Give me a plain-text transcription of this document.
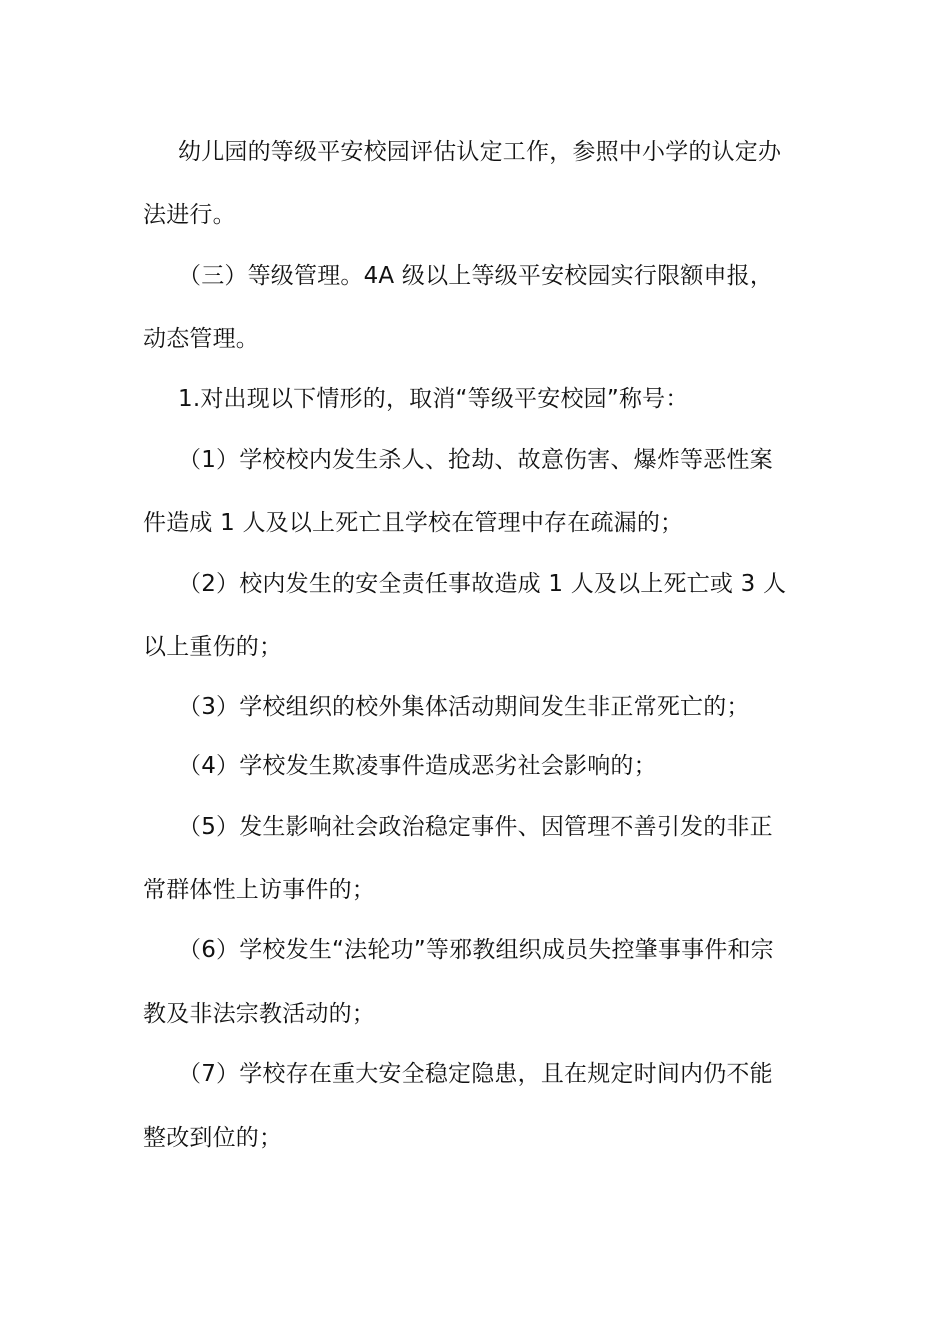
幼儿园的等级平安校园评估认定工作，参照中小学的认定办
法进行。
（三）等级管理。4A 级以上等级平安校园实行限额申报，
动态管理。
1.对出现以下情形的，取消“等级平安校园”称号：
（1）学校校内发生杀人、抢劫、故意伤害、爆炸等恶性案
件造成 1 人及以上死亡且学校在管理中存在疏漏的；
（2）校内发生的安全责任事故造成 1 人及以上死亡或 3 人
以上重伤的；
（3）学校组织的校外集体活动期间发生非正常死亡的；
（4）学校发生欺凌事件造成恶劣社会影响的；
（5）发生影响社会政治稳定事件、因管理不善引发的非正
常群体性上访事件的；
（6）学校发生“法轮功”等邪教组织成员失控肇事事件和宗
教及非法宗教活动的；
（7）学校存在重大安全稳定隐患，且在规定时间内仍不能
整改到位的；
